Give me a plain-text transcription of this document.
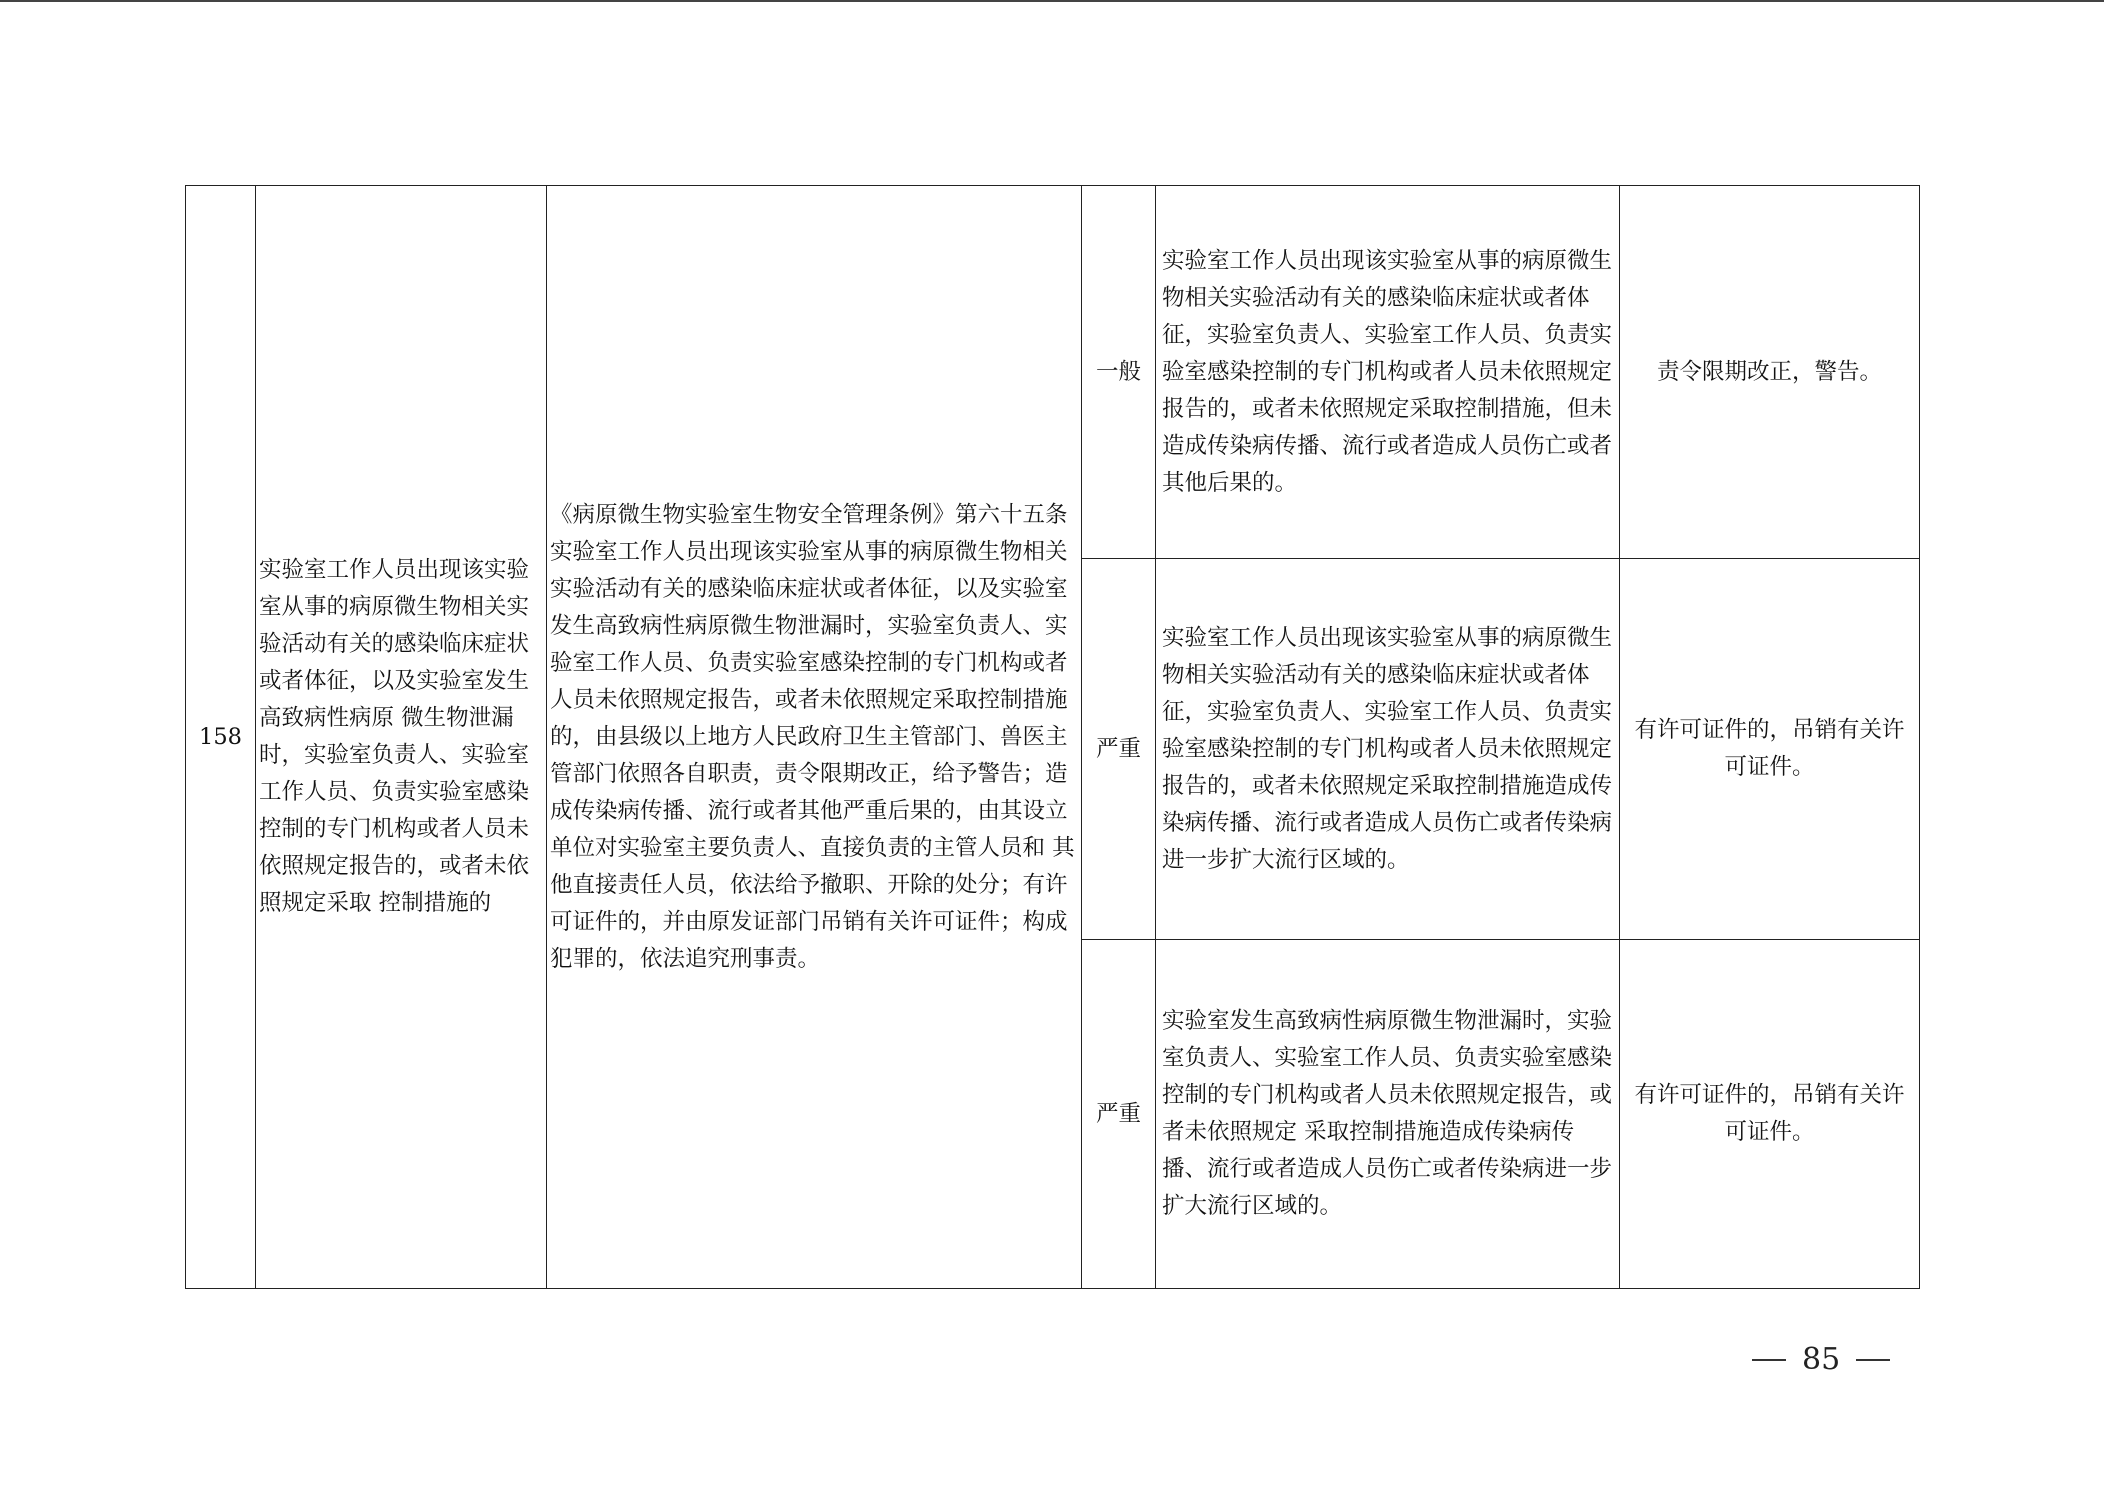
158	实验室工作人员出现该实验室从事的病原微生物相关实验活动有关的感染临床症状或者体征，以及实验室发生高致病性病原 微生物泄漏时，实验室负责人、实验室工作人员、负责实验室感染控制的专门机构或者人员未依照规定报告的，或者未依照规定采取 控制措施的	《病原微生物实验室生物安全管理条例》第六十五条　实验室工作人员出现该实验室从事的病原微生物相关实验活动有关的感染临床症状或者体征，以及实验室发生高致病性病原微生物泄漏时，实验室负责人、实验室工作人员、负责实验室感染控制的专门机构或者人员未依照规定报告，或者未依照规定采取控制措施的，由县级以上地方人民政府卫生主管部门、兽医主管部门依照各自职责，责令限期改正，给予警告；造成传染病传播、流行或者其他严重后果的，由其设立单位对实验室主要负责人、直接负责的主管人员和 其他直接责任人员，依法给予撤职、开除的处分；有许可证件的，并由原发证部门吊销有关许可证件；构成犯罪的，依法追究刑事责。	一般	实验室工作人员出现该实验室从事的病原微生物相关实验活动有关的感染临床症状或者体征，实验室负责人、实验室工作人员、负责实验室感染控制的专门机构或者人员未依照规定报告的，或者未依照规定采取控制措施，但未造成传染病传播、流行或者造成人员伤亡或者其他后果的。	责令限期改正，警告。
			严重	实验室工作人员出现该实验室从事的病原微生物相关实验活动有关的感染临床症状或者体征，实验室负责人、实验室工作人员、负责实验室感染控制的专门机构或者人员未依照规定报告的，或者未依照规定采取控制措施造成传染病传播、流行或者造成人员伤亡或者传染病进一步扩大流行区域的。	有许可证件的，吊销有关许可证件。
			严重	实验室发生高致病性病原微生物泄漏时，实验室负责人、实验室工作人员、负责实验室感染控制的专门机构或者人员未依照规定报告，或者未依照规定 采取控制措施造成传染病传播、流行或者造成人员伤亡或者传染病进一步扩大流行区域的。	有许可证件的，吊销有关许可证件。
85
